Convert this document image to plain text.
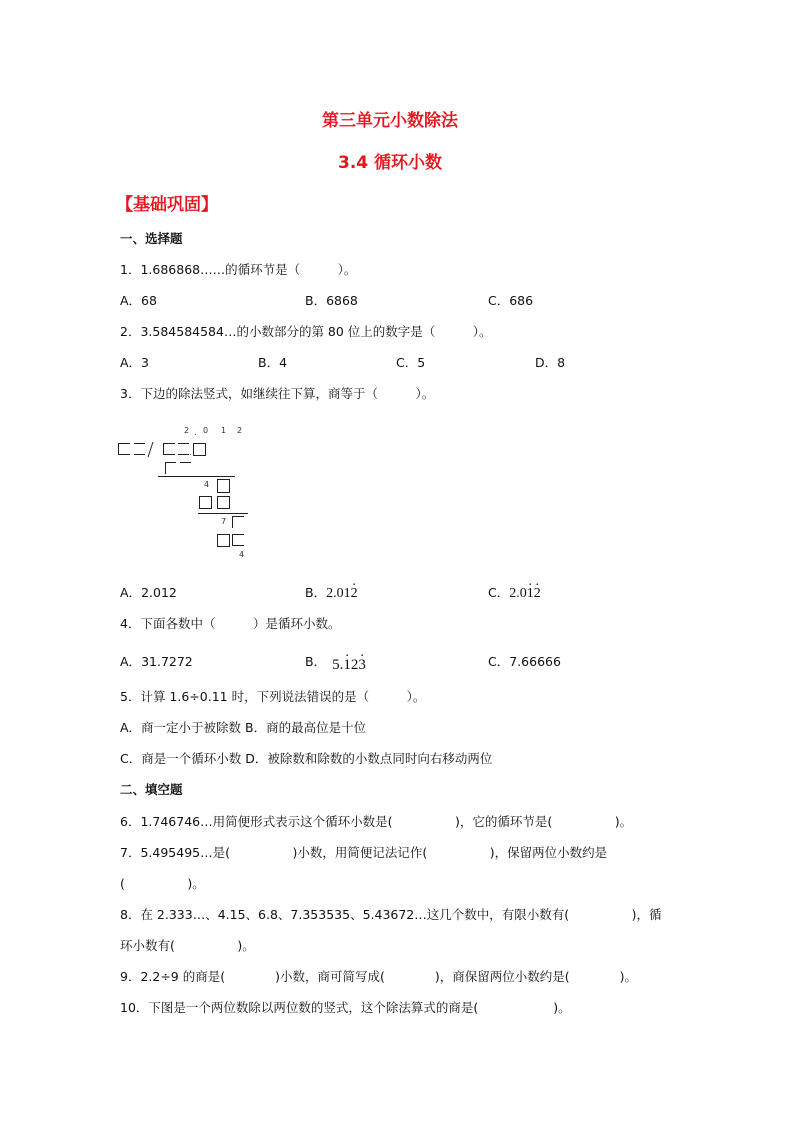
第三单元小数除法
3.4 循环小数
【基础巩固】
一、选择题
1．1.686868……的循环节是（　　　）。
A．68	B．6868	C．686
2．3.584584584…的小数部分的第 80 位上的数字是（　　　）。
A．3	B．4	C．5	D．8
3．下边的除法竖式，如继续往下算，商等于（　　　）。
2 . 0 1 2
.
4
7
4
A．2.012	B．2.01. 2	C．2.0. 1. 2
4．下面各数中（　　　）是循环小数。
A．31.7272	B． 5.. 12. 3	C．7.66666
5．计算 1.6÷0.11 时，下列说法错误的是（　　　）。
A．商一定小于被除数 B．商的最高位是十位
C．商是一个循环小数 D．被除数和除数的小数点同时向右移动两位
二、填空题
6．1.746746…用简便形式表示这个循环小数是(　　　　　)，它的循环节是(　　　　　)。
7．5.495495…是(　　　　　)小数，用简便记法记作(　　　　　)，保留两位小数约是
(　　　　　)。
8．在 2.333…、4.15、6.8、7.353535、5.43672…这几个数中，有限小数有(　　　　　)，循
环小数有(　　　　　)。
9．2.2÷9 的商是(　　　　)小数，商可简写成(　　　　)，商保留两位小数约是(　　　　)。
10．下图是一个两位数除以两位数的竖式，这个除法算式的商是(　　　　　　)。
